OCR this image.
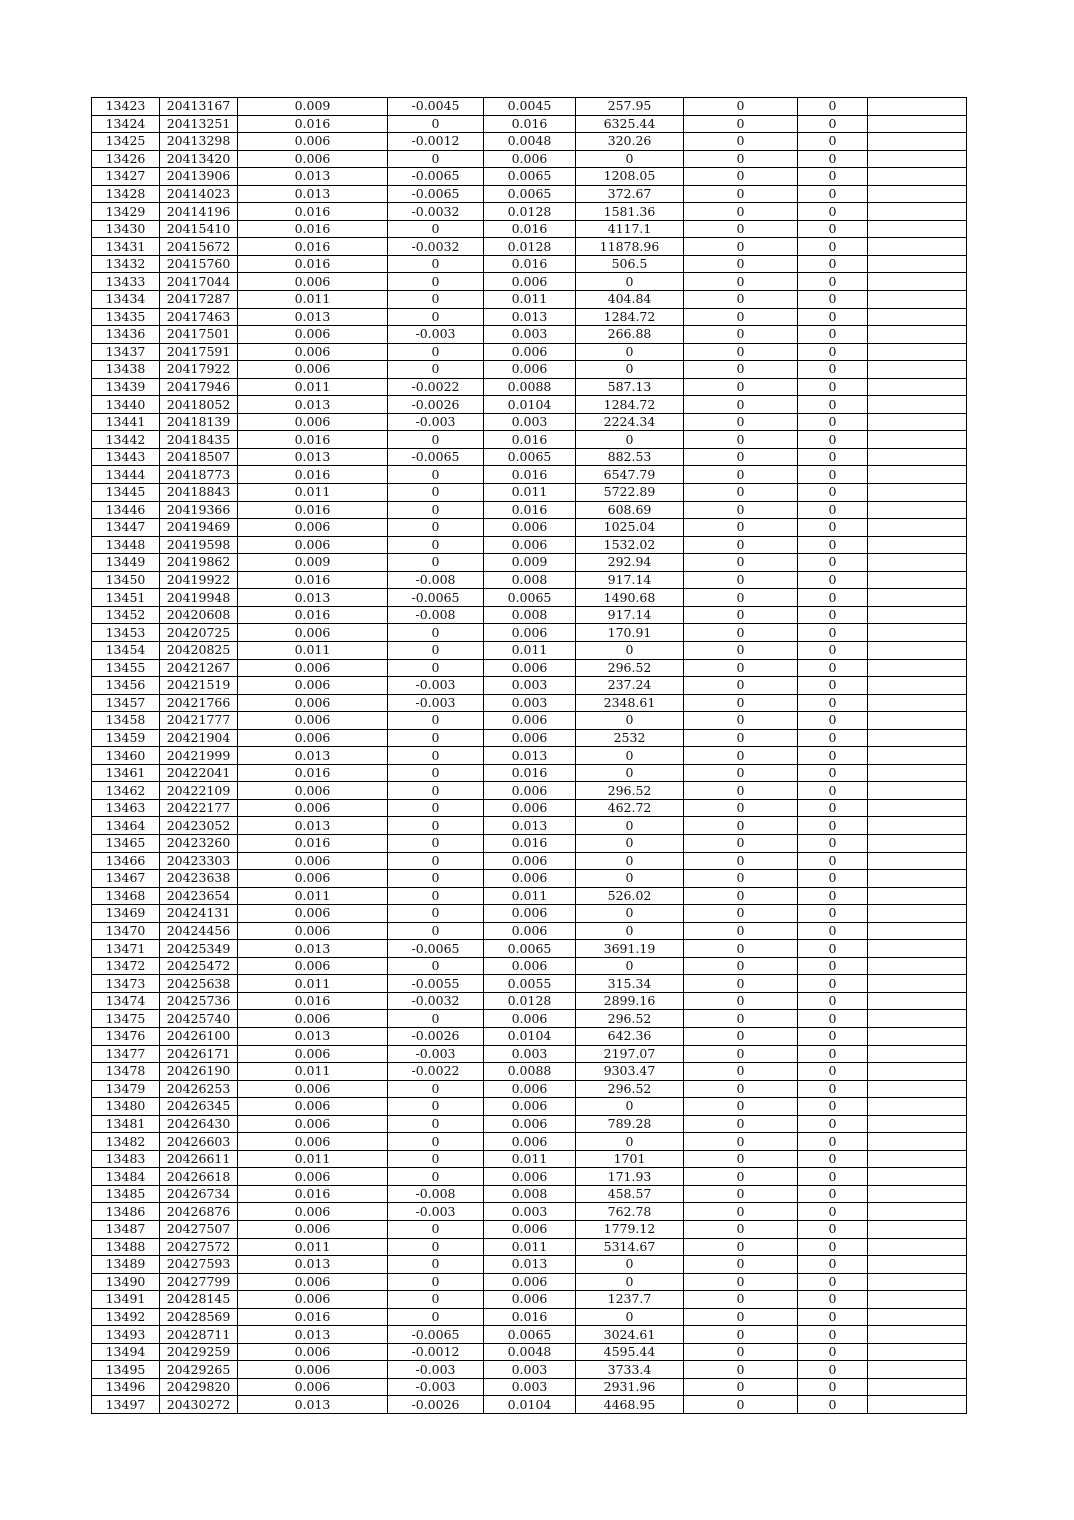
13423	20413167	0.009	-0.0045	0.0045	257.95	0	0	
13424	20413251	0.016	0	0.016	6325.44	0	0	
13425	20413298	0.006	-0.0012	0.0048	320.26	0	0	
13426	20413420	0.006	0	0.006	0	0	0	
13427	20413906	0.013	-0.0065	0.0065	1208.05	0	0	
13428	20414023	0.013	-0.0065	0.0065	372.67	0	0	
13429	20414196	0.016	-0.0032	0.0128	1581.36	0	0	
13430	20415410	0.016	0	0.016	4117.1	0	0	
13431	20415672	0.016	-0.0032	0.0128	11878.96	0	0	
13432	20415760	0.016	0	0.016	506.5	0	0	
13433	20417044	0.006	0	0.006	0	0	0	
13434	20417287	0.011	0	0.011	404.84	0	0	
13435	20417463	0.013	0	0.013	1284.72	0	0	
13436	20417501	0.006	-0.003	0.003	266.88	0	0	
13437	20417591	0.006	0	0.006	0	0	0	
13438	20417922	0.006	0	0.006	0	0	0	
13439	20417946	0.011	-0.0022	0.0088	587.13	0	0	
13440	20418052	0.013	-0.0026	0.0104	1284.72	0	0	
13441	20418139	0.006	-0.003	0.003	2224.34	0	0	
13442	20418435	0.016	0	0.016	0	0	0	
13443	20418507	0.013	-0.0065	0.0065	882.53	0	0	
13444	20418773	0.016	0	0.016	6547.79	0	0	
13445	20418843	0.011	0	0.011	5722.89	0	0	
13446	20419366	0.016	0	0.016	608.69	0	0	
13447	20419469	0.006	0	0.006	1025.04	0	0	
13448	20419598	0.006	0	0.006	1532.02	0	0	
13449	20419862	0.009	0	0.009	292.94	0	0	
13450	20419922	0.016	-0.008	0.008	917.14	0	0	
13451	20419948	0.013	-0.0065	0.0065	1490.68	0	0	
13452	20420608	0.016	-0.008	0.008	917.14	0	0	
13453	20420725	0.006	0	0.006	170.91	0	0	
13454	20420825	0.011	0	0.011	0	0	0	
13455	20421267	0.006	0	0.006	296.52	0	0	
13456	20421519	0.006	-0.003	0.003	237.24	0	0	
13457	20421766	0.006	-0.003	0.003	2348.61	0	0	
13458	20421777	0.006	0	0.006	0	0	0	
13459	20421904	0.006	0	0.006	2532	0	0	
13460	20421999	0.013	0	0.013	0	0	0	
13461	20422041	0.016	0	0.016	0	0	0	
13462	20422109	0.006	0	0.006	296.52	0	0	
13463	20422177	0.006	0	0.006	462.72	0	0	
13464	20423052	0.013	0	0.013	0	0	0	
13465	20423260	0.016	0	0.016	0	0	0	
13466	20423303	0.006	0	0.006	0	0	0	
13467	20423638	0.006	0	0.006	0	0	0	
13468	20423654	0.011	0	0.011	526.02	0	0	
13469	20424131	0.006	0	0.006	0	0	0	
13470	20424456	0.006	0	0.006	0	0	0	
13471	20425349	0.013	-0.0065	0.0065	3691.19	0	0	
13472	20425472	0.006	0	0.006	0	0	0	
13473	20425638	0.011	-0.0055	0.0055	315.34	0	0	
13474	20425736	0.016	-0.0032	0.0128	2899.16	0	0	
13475	20425740	0.006	0	0.006	296.52	0	0	
13476	20426100	0.013	-0.0026	0.0104	642.36	0	0	
13477	20426171	0.006	-0.003	0.003	2197.07	0	0	
13478	20426190	0.011	-0.0022	0.0088	9303.47	0	0	
13479	20426253	0.006	0	0.006	296.52	0	0	
13480	20426345	0.006	0	0.006	0	0	0	
13481	20426430	0.006	0	0.006	789.28	0	0	
13482	20426603	0.006	0	0.006	0	0	0	
13483	20426611	0.011	0	0.011	1701	0	0	
13484	20426618	0.006	0	0.006	171.93	0	0	
13485	20426734	0.016	-0.008	0.008	458.57	0	0	
13486	20426876	0.006	-0.003	0.003	762.78	0	0	
13487	20427507	0.006	0	0.006	1779.12	0	0	
13488	20427572	0.011	0	0.011	5314.67	0	0	
13489	20427593	0.013	0	0.013	0	0	0	
13490	20427799	0.006	0	0.006	0	0	0	
13491	20428145	0.006	0	0.006	1237.7	0	0	
13492	20428569	0.016	0	0.016	0	0	0	
13493	20428711	0.013	-0.0065	0.0065	3024.61	0	0	
13494	20429259	0.006	-0.0012	0.0048	4595.44	0	0	
13495	20429265	0.006	-0.003	0.003	3733.4	0	0	
13496	20429820	0.006	-0.003	0.003	2931.96	0	0	
13497	20430272	0.013	-0.0026	0.0104	4468.95	0	0	
